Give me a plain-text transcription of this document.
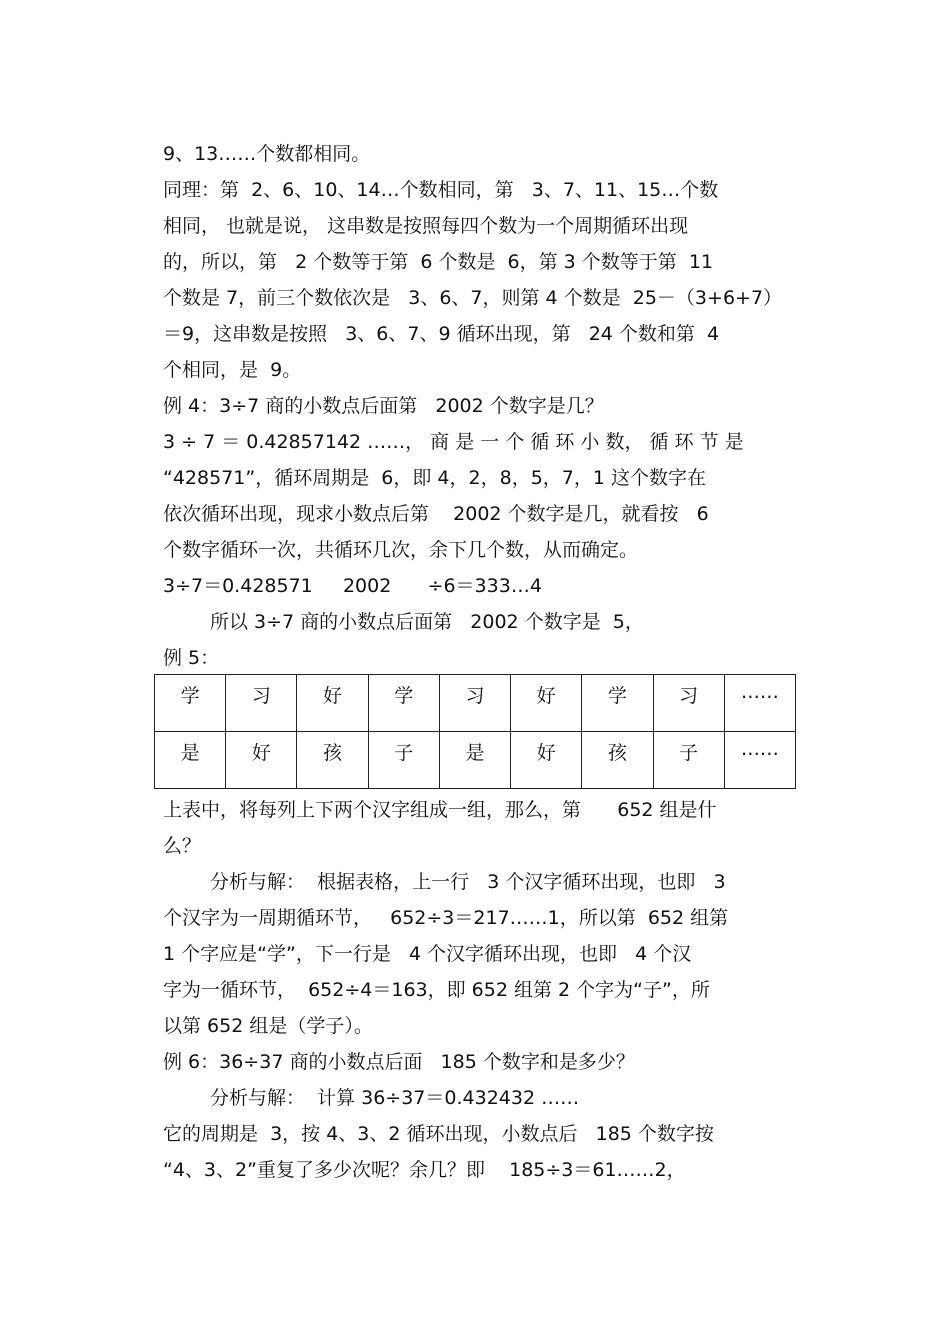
9、13……个数都相同。
同理：第  2、6、10、14…个数相同，第   3、7、11、15…个数
相同， 也就是说， 这串数是按照每四个数为一个周期循环出现
的，所以，第   2 个数等于第  6 个数是  6，第 3 个数等于第  11
个数是 7，前三个数依次是   3、6、7，则第 4 个数是  25－（3+6+7）
＝9，这串数是按照   3、6、7、9 循环出现，第   24 个数和第  4
个相同，是  9。
例 4：3÷7 商的小数点后面第   2002 个数字是几？
3 ÷ 7 ＝ 0.42857142 ……， 商 是 一 个 循 环 小 数， 循 环 节 是
“428571”，循环周期是  6，即 4，2，8，5，7，1 这个数字在
依次循环出现，现求小数点后第    2002 个数字是几，就看按   6
个数字循环一次，共循环几次，余下几个数，从而确定。
3÷7＝0.428571     2002      ÷6＝333…4
所以 3÷7 商的小数点后面第   2002 个数字是  5，
例 5：
学	习	好	学	习	好	学	习	……
是	好	孩	子	是	好	孩	子	……
上表中，将每列上下两个汉字组成一组，那么，第      652 组是什
么？
分析与解：  根据表格，上一行   3 个汉字循环出现，也即   3
个汉字为一周期循环节，   652÷3＝217……1，所以第  652 组第
1 个字应是“学”，下一行是   4 个汉字循环出现，也即   4 个汉
字为一循环节，  652÷4＝163，即 652 组第 2 个字为“子”，所
以第 652 组是（学子）。
例 6：36÷37 商的小数点后面   185 个数字和是多少？
分析与解：  计算 36÷37＝0.432432 ……
它的周期是  3，按 4、3、2 循环出现，小数点后   185 个数字按
“4、3、2”重复了多少次呢？余几？即    185÷3＝61……2，
